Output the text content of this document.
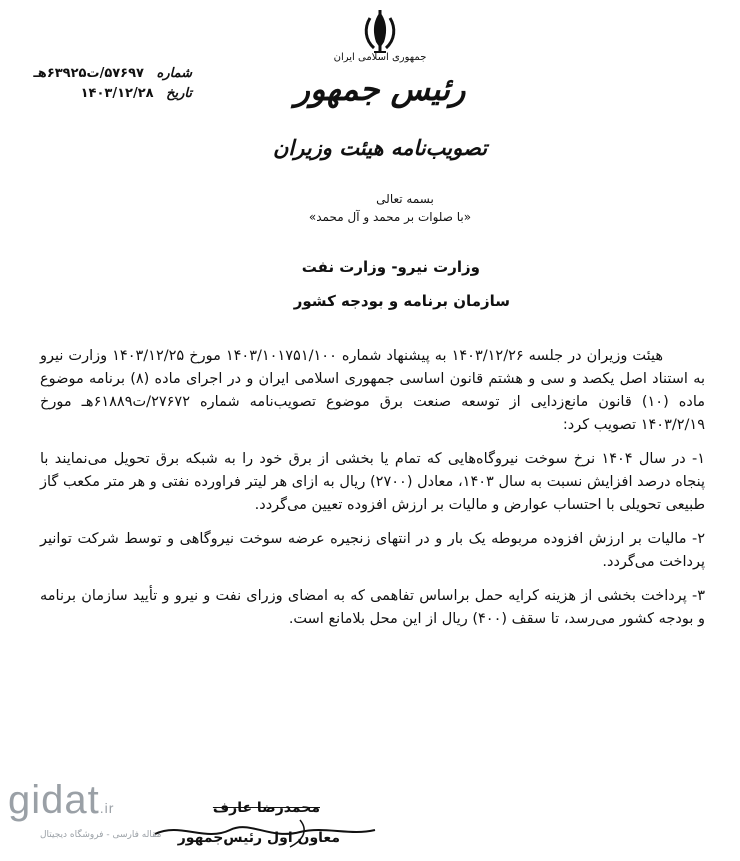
شماره ۵۷۶۹۷/ت۶۳۹۲۵هـ
تاریخ ۱۴۰۳/۱۲/۲۸
جمهوری اسلامی ایران
رئیس جمهور
تصویب‌نامه هیئت وزیران
بسمه تعالی
«با صلوات بر محمد و آل محمد»
وزارت نیرو- وزارت نفت
سازمان برنامه و بودجه کشور

هیئت وزیران در جلسه ۱۴۰۳/۱۲/۲۶ به پیشنهاد شماره ۱۴۰۳/۱۰۱۷۵۱/۱۰۰ مورخ ۱۴۰۳/۱۲/۲۵ وزارت نیرو به استناد اصل یکصد و سی و هشتم قانون اساسی جمهوری اسلامی ایران و در اجرای ماده (۸) برنامه موضوع ماده (۱۰) قانون مانع‌زدایی از توسعه صنعت برق موضوع تصویب‌نامه شماره ۲۷۶۷۲/ت۶۱۸۸۹هـ مورخ ۱۴۰۳/۲/۱۹ تصویب کرد:

۱- در سال ۱۴۰۴ نرخ سوخت نیروگاه‌هایی که تمام یا بخشی از برق خود را به شبکه برق تحویل می‌نمایند با پنجاه درصد افزایش نسبت به سال ۱۴۰۳، معادل (۲۷۰۰) ریال به ازای هر لیتر فراورده نفتی و هر متر مکعب گاز طبیعی تحویلی با احتساب عوارض و مالیات بر ارزش افزوده تعیین می‌گردد.

۲- مالیات بر ارزش افزوده مربوطه یک بار و در انتهای زنجیره عرضه سوخت نیروگاهی و توسط شرکت توانیر پرداخت می‌گردد.

۳- پرداخت بخشی از هزینه کرایه حمل براساس تفاهمی که به امضای وزرای نفت و نیرو و تأیید سازمان برنامه و بودجه کشور می‌رسد، تا سقف (۴۰۰) ریال از این محل بلامانع است.

محمدرضا عارف
معاون اول رئیس‌جمهور
gidat.ir
مقاله فارسی - فروشگاه دیجیتال
